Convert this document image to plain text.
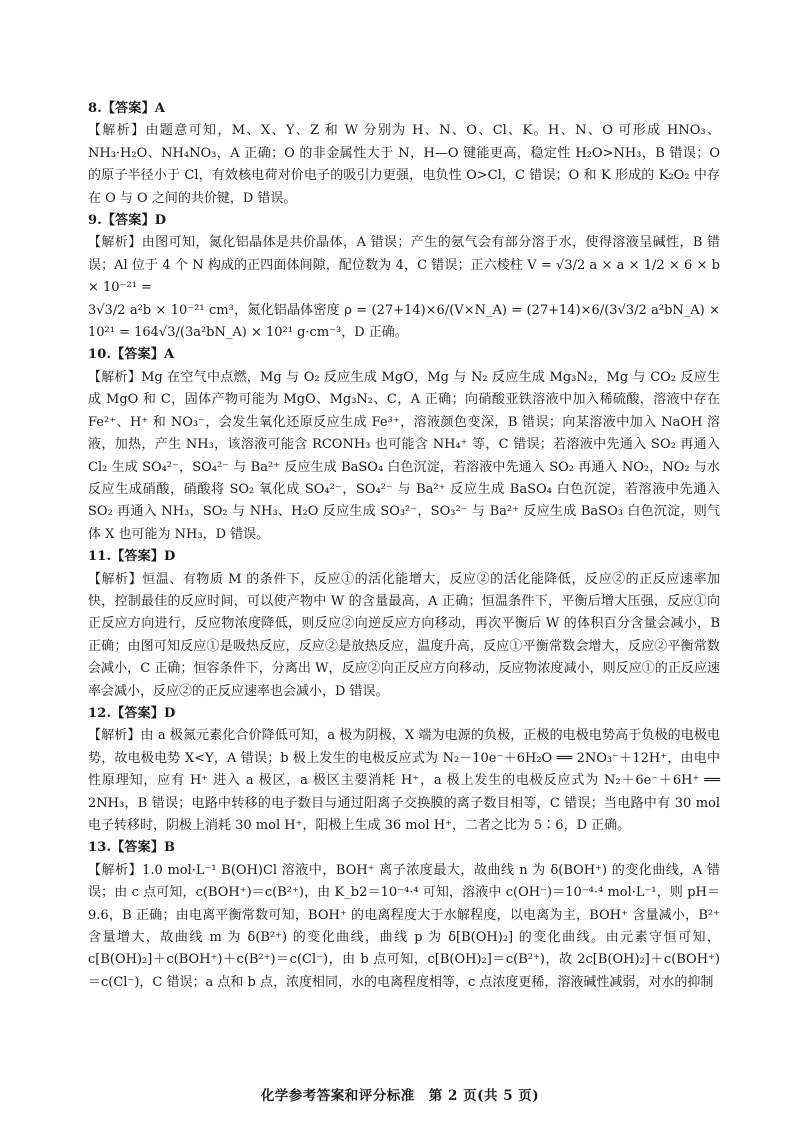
8.【答案】A

【解析】由题意可知，M、X、Y、Z 和 W 分别为 H、N、O、Cl、K。H、N、O 可形成 HNO₃、NH₃·H₂O、NH₄NO₃，A 正确；O 的非金属性大于 N，H—O 键能更高，稳定性 H₂O>NH₃，B 错误；O 的原子半径小于 Cl，有效核电荷对价电子的吸引力更强，电负性 O>Cl，C 错误；O 和 K 形成的 K₂O₂ 中存在 O 与 O 之间的共价键，D 错误。

9.【答案】D

【解析】由图可知，氮化铝晶体是共价晶体，A 错误；产生的氨气会有部分溶于水，使得溶液呈碱性，B 错误；Al 位于 4 个 N 构成的正四面体间隙，配位数为 4，C 错误；正六棱柱 V = √3/2 a × a × 1/2 × 6 × b × 10⁻²¹ =

3√3/2 a²b × 10⁻²¹ cm³，氮化铝晶体密度 ρ = (27+14)×6/(V×N_A) = (27+14)×6/(3√3/2 a²bN_A) × 10²¹ = 164√3/(3a²bN_A) × 10²¹ g·cm⁻³，D 正确。

10.【答案】A

【解析】Mg 在空气中点燃，Mg 与 O₂ 反应生成 MgO，Mg 与 N₂ 反应生成 Mg₃N₂，Mg 与 CO₂ 反应生成 MgO 和 C，固体产物可能为 MgO、Mg₃N₂、C，A 正确；向硝酸亚铁溶液中加入稀硫酸，溶液中存在 Fe²⁺、H⁺ 和 NO₃⁻，会发生氧化还原反应生成 Fe³⁺，溶液颜色变深，B 错误；向某溶液中加入 NaOH 溶液，加热，产生 NH₃，该溶液可能含 RCONH₃ 也可能含 NH₄⁺ 等，C 错误；若溶液中先通入 SO₂ 再通入 Cl₂ 生成 SO₄²⁻，SO₄²⁻ 与 Ba²⁺ 反应生成 BaSO₄ 白色沉淀，若溶液中先通入 SO₂ 再通入 NO₂，NO₂ 与水反应生成硝酸，硝酸将 SO₂ 氧化成 SO₄²⁻，SO₄²⁻ 与 Ba²⁺ 反应生成 BaSO₄ 白色沉淀，若溶液中先通入 SO₂ 再通入 NH₃，SO₂ 与 NH₃、H₂O 反应生成 SO₃²⁻，SO₃²⁻ 与 Ba²⁺ 反应生成 BaSO₃ 白色沉淀，则气体 X 也可能为 NH₃，D 错误。

11.【答案】D

【解析】恒温、有物质 M 的条件下，反应①的活化能增大，反应②的活化能降低，反应②的正反应速率加快，控制最佳的反应时间，可以使产物中 W 的含量最高，A 正确；恒温条件下，平衡后增大压强，反应①向正反应方向进行，反应物浓度降低，则反应②向逆反应方向移动，再次平衡后 W 的体积百分含量会减小，B 正确；由图可知反应①是吸热反应，反应②是放热反应，温度升高，反应①平衡常数会增大，反应②平衡常数会减小，C 正确；恒容条件下，分离出 W，反应②向正反应方向移动，反应物浓度减小，则反应①的正反应速率会减小，反应②的正反应速率也会减小，D 错误。

12.【答案】D

【解析】由 a 极氮元素化合价降低可知，a 极为阴极，X 端为电源的负极，正极的电极电势高于负极的电极电势，故电极电势 X<Y，A 错误；b 极上发生的电极反应式为 N₂－10e⁻＋6H₂O ══ 2NO₃⁻＋12H⁺，由电中性原理知，应有 H⁺ 进入 a 极区，a 极区主要消耗 H⁺，a 极上发生的电极反应式为 N₂＋6e⁻＋6H⁺ ══ 2NH₃，B 错误；电路中转移的电子数目与通过阳离子交换膜的离子数目相等，C 错误；当电路中有 30 mol 电子转移时，阴极上消耗 30 mol H⁺，阳极上生成 36 mol H⁺，二者之比为 5∶6，D 正确。

13.【答案】B

【解析】1.0 mol·L⁻¹ B(OH)Cl 溶液中，BOH⁺ 离子浓度最大，故曲线 n 为 δ(BOH⁺) 的变化曲线，A 错误；由 c 点可知，c(BOH⁺)＝c(B²⁺)，由 K_b2＝10⁻⁴·⁴ 可知，溶液中 c(OH⁻)＝10⁻⁴·⁴ mol·L⁻¹，则 pH＝9.6，B 正确；由电离平衡常数可知，BOH⁺ 的电离程度大于水解程度，以电离为主，BOH⁺ 含量减小，B²⁺ 含量增大，故曲线 m 为 δ(B²⁺) 的变化曲线，曲线 p 为 δ[B(OH)₂] 的变化曲线。由元素守恒可知，c[B(OH)₂]＋c(BOH⁺)＋c(B²⁺)＝c(Cl⁻)，由 b 点可知，c[B(OH)₂]＝c(B²⁺)，故 2c[B(OH)₂]＋c(BOH⁺)＝c(Cl⁻)，C 错误；a 点和 b 点，浓度相同，水的电离程度相等，c 点浓度更稀，溶液碱性减弱，对水的抑制

化学参考答案和评分标准　第 2 页(共 5 页)
